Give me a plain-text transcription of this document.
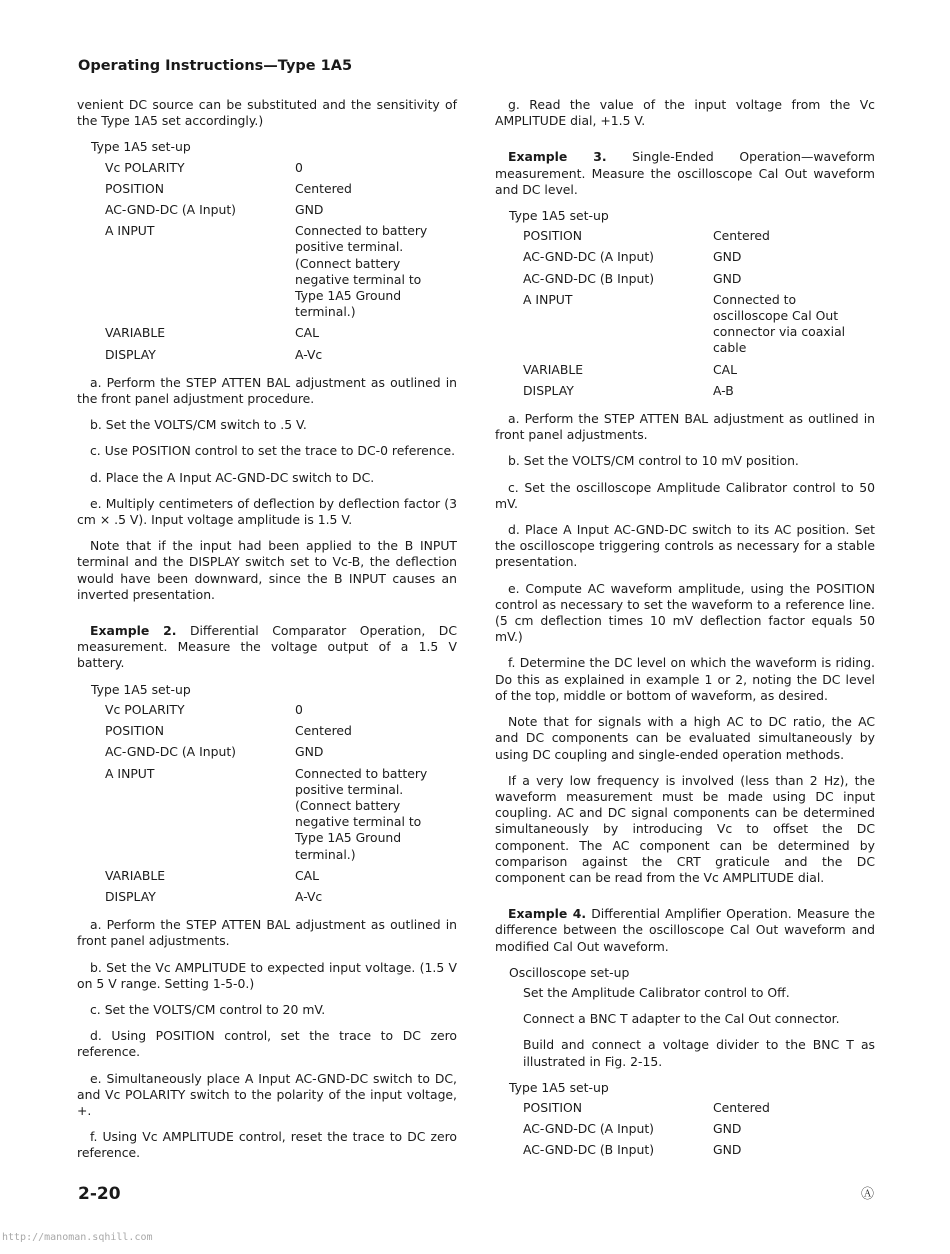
Operating Instructions—Type 1A5

venient DC source can be substituted and the sensitivity of the Type 1A5 set accordingly.)

Type 1A5 set-up
Vc POLARITY	0
POSITION	Centered
AC-GND-DC (A Input)	GND
A INPUT	Connected to battery positive terminal. (Connect battery negative terminal to Type 1A5 Ground terminal.)
VARIABLE	CAL
DISPLAY	A-Vc

a. Perform the STEP ATTEN BAL adjustment as outlined in the front panel adjustment procedure.

b. Set the VOLTS/CM switch to .5 V.

c. Use POSITION control to set the trace to DC-0 reference.

d. Place the A Input AC-GND-DC switch to DC.

e. Multiply centimeters of deflection by deflection factor (3 cm × .5 V). Input voltage amplitude is 1.5 V.

Note that if the input had been applied to the B INPUT terminal and the DISPLAY switch set to Vc-B, the deflection would have been downward, since the B INPUT causes an inverted presentation.

Example 2. Differential Comparator Operation, DC measurement. Measure the voltage output of a 1.5 V battery.

Type 1A5 set-up
Vc POLARITY	0
POSITION	Centered
AC-GND-DC (A Input)	GND
A INPUT	Connected to battery positive terminal. (Connect battery negative terminal to Type 1A5 Ground terminal.)
VARIABLE	CAL
DISPLAY	A-Vc

a. Perform the STEP ATTEN BAL adjustment as outlined in front panel adjustments.

b. Set the Vc AMPLITUDE to expected input voltage. (1.5 V on 5 V range. Setting 1-5-0.)

c. Set the VOLTS/CM control to 20 mV.

d. Using POSITION control, set the trace to DC zero reference.

e. Simultaneously place A Input AC-GND-DC switch to DC, and Vc POLARITY switch to the polarity of the input voltage, +.

f. Using Vc AMPLITUDE control, reset the trace to DC zero reference.

g. Read the value of the input voltage from the Vc AMPLITUDE dial, +1.5 V.

Example 3. Single-Ended Operation—waveform measurement. Measure the oscilloscope Cal Out waveform and DC level.

Type 1A5 set-up
POSITION	Centered
AC-GND-DC (A Input)	GND
AC-GND-DC (B Input)	GND
A INPUT	Connected to oscilloscope Cal Out connector via coaxial cable
VARIABLE	CAL
DISPLAY	A-B

a. Perform the STEP ATTEN BAL adjustment as outlined in front panel adjustments.

b. Set the VOLTS/CM control to 10 mV position.

c. Set the oscilloscope Amplitude Calibrator control to 50 mV.

d. Place A Input AC-GND-DC switch to its AC position. Set the oscilloscope triggering controls as necessary for a stable presentation.

e. Compute AC waveform amplitude, using the POSITION control as necessary to set the waveform to a reference line. (5 cm deflection times 10 mV deflection factor equals 50 mV.)

f. Determine the DC level on which the waveform is riding. Do this as explained in example 1 or 2, noting the DC level of the top, middle or bottom of waveform, as desired.

Note that for signals with a high AC to DC ratio, the AC and DC components can be evaluated simultaneously by using DC coupling and single-ended operation methods.

If a very low frequency is involved (less than 2 Hz), the waveform measurement must be made using DC input coupling. AC and DC signal components can be determined simultaneously by introducing Vc to offset the DC component. The AC component can be determined by comparison against the CRT graticule and the DC component can be read from the Vc AMPLITUDE dial.

Example 4. Differential Amplifier Operation. Measure the difference between the oscilloscope Cal Out waveform and modified Cal Out waveform.

Oscilloscope set-up

Set the Amplitude Calibrator control to Off.

Connect a BNC T adapter to the Cal Out connector.

Build and connect a voltage divider to the BNC T as illustrated in Fig. 2-15.

Type 1A5 set-up
POSITION	Centered
AC-GND-DC (A Input)	GND
AC-GND-DC (B Input)	GND
2-20	Ⓐ
http://manoman.sqhill.com
